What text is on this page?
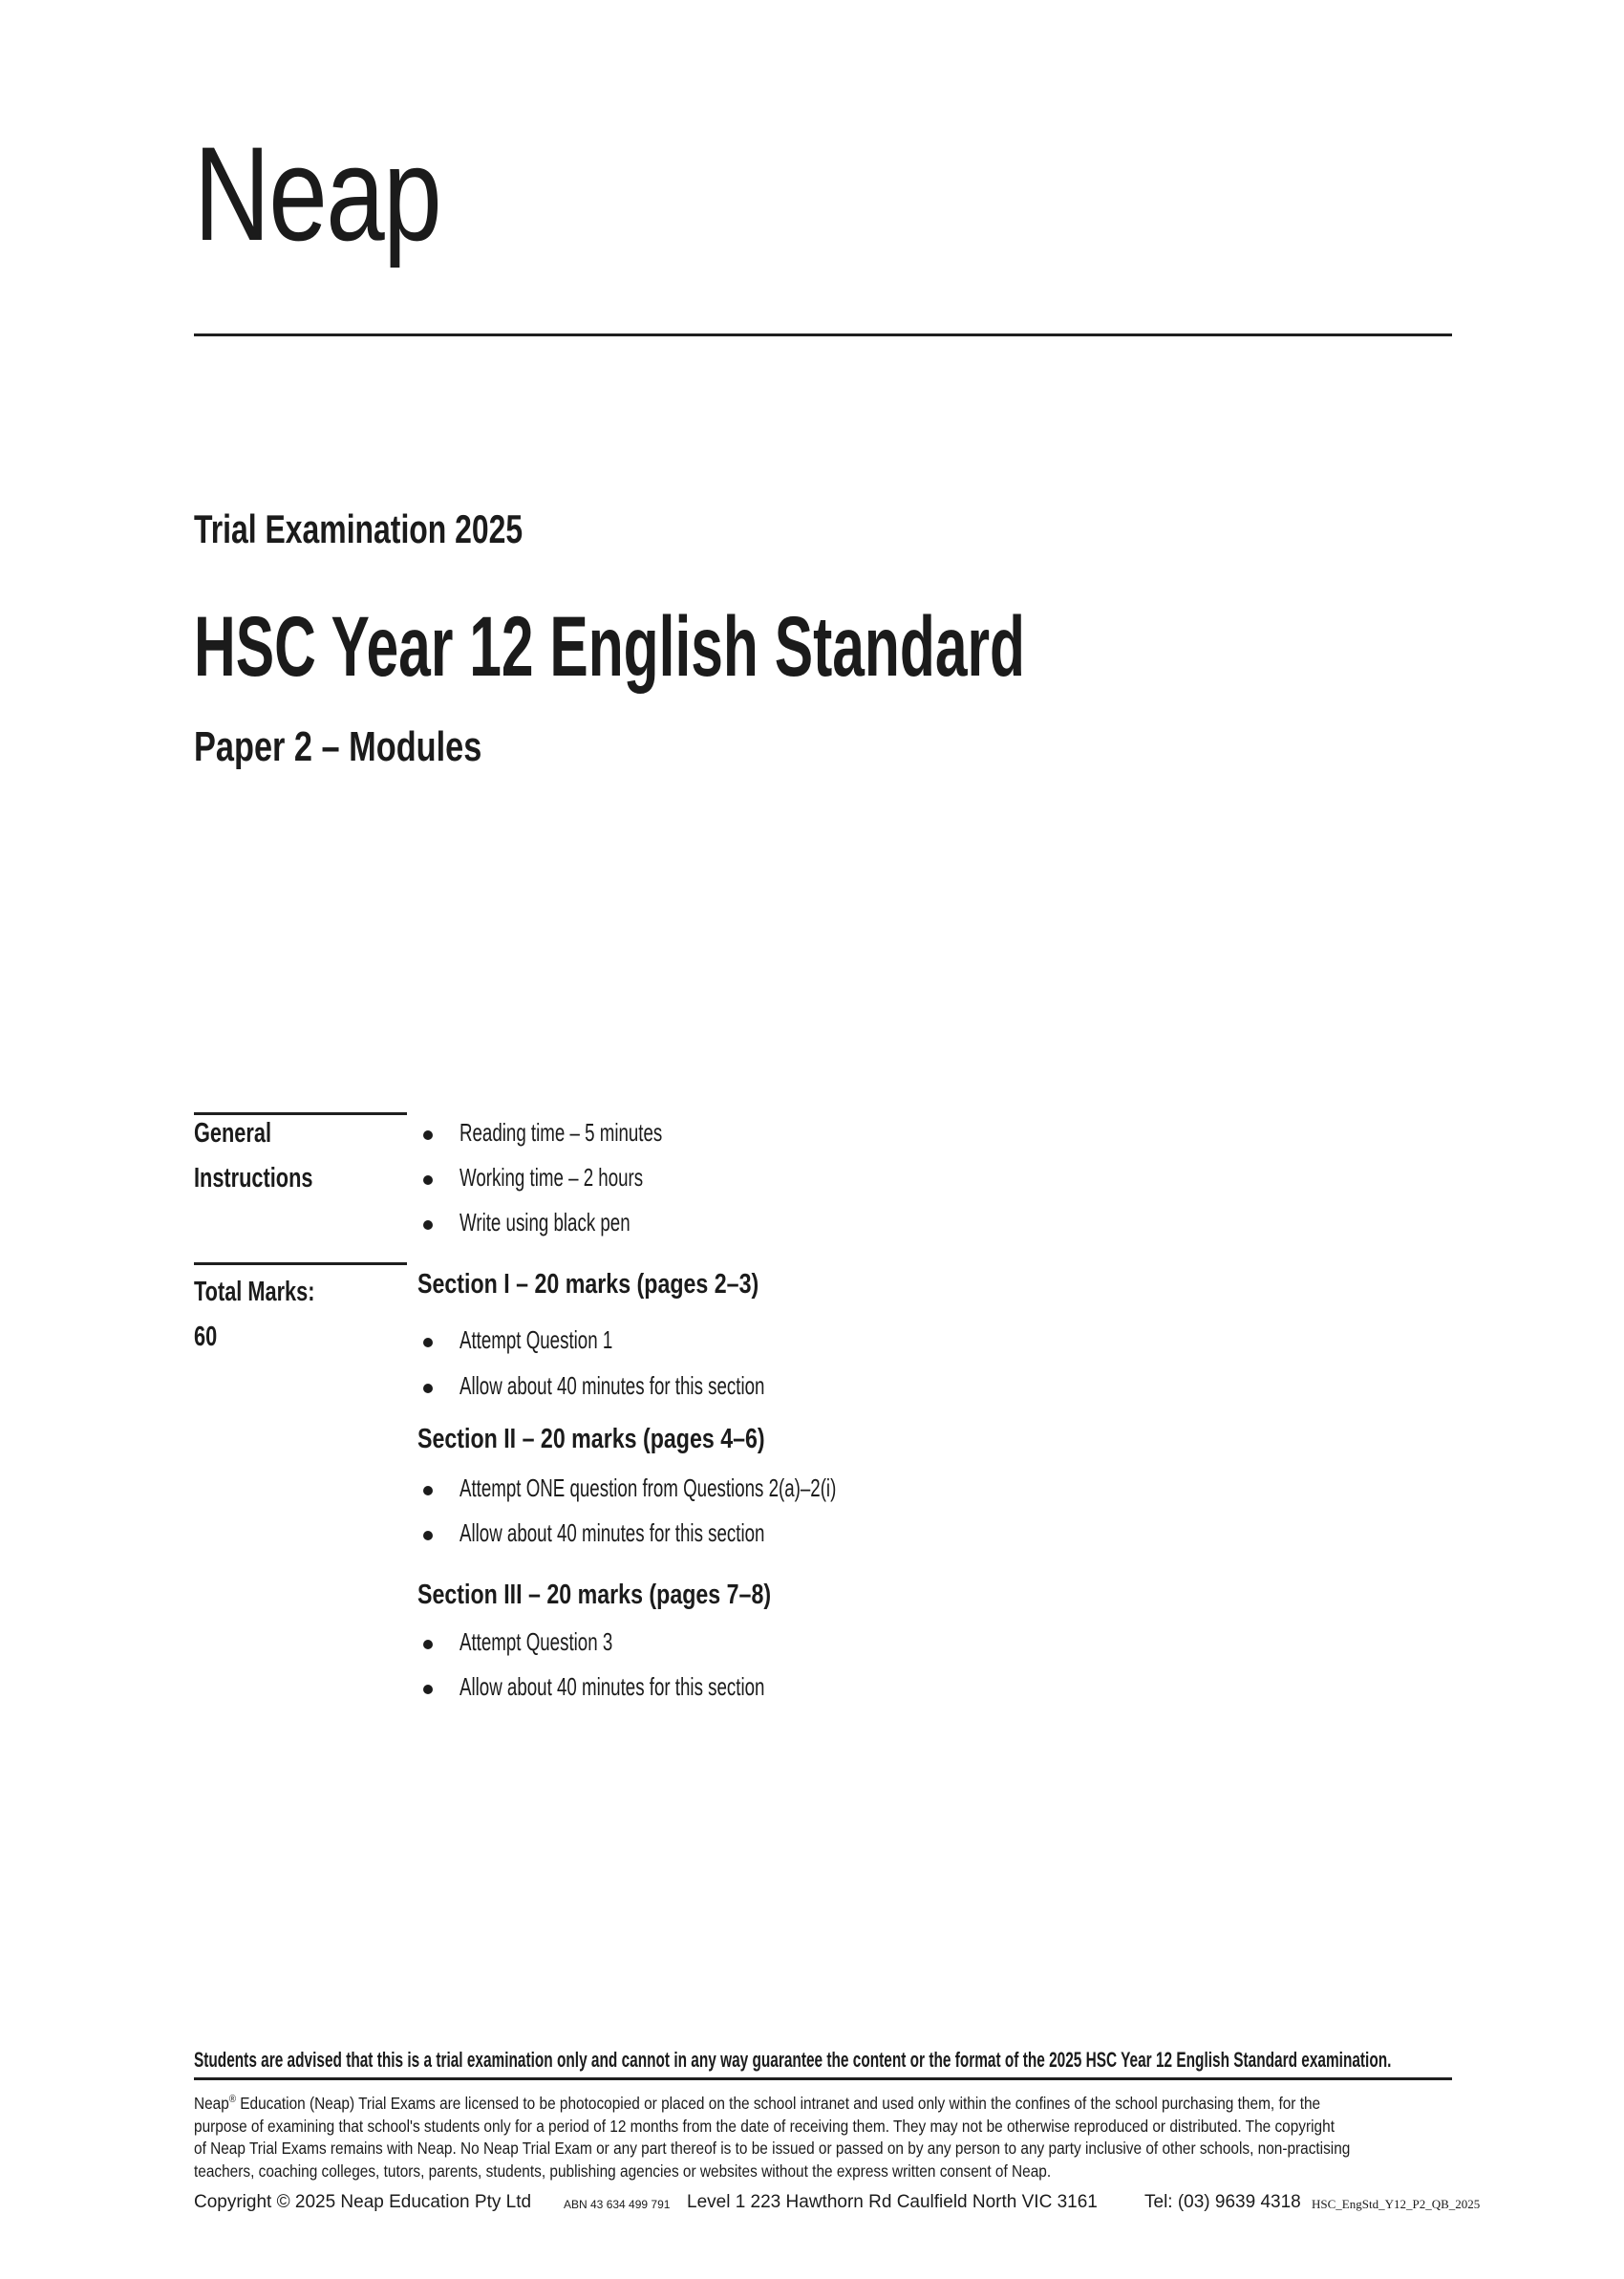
Neap
Trial Examination 2025
HSC Year 12 English Standard
Paper 2 – Modules
General
Instructions
Reading time – 5 minutes
Working time – 2 hours
Write using black pen
Total Marks:
60
Section I – 20 marks (pages 2–3)
Attempt Question 1
Allow about 40 minutes for this section
Section II – 20 marks (pages 4–6)
Attempt ONE question from Questions 2(a)–2(i)
Allow about 40 minutes for this section
Section III – 20 marks (pages 7–8)
Attempt Question 3
Allow about 40 minutes for this section
Students are advised that this is a trial examination only and cannot in any way guarantee the content or the format of the 2025 HSC Year 12 English Standard examination.
Neap® Education (Neap) Trial Exams are licensed to be photocopied or placed on the school intranet and used only within the confines of the school purchasing them, for the
purpose of examining that school's students only for a period of 12 months from the date of receiving them. They may not be otherwise reproduced or distributed. The copyright
of Neap Trial Exams remains with Neap. No Neap Trial Exam or any part thereof is to be issued or passed on by any person to any party inclusive of other schools, non-practising
teachers, coaching colleges, tutors, parents, students, publishing agencies or websites without the express written consent of Neap.
Copyright © 2025 Neap Education Pty Ltd	ABN 43 634 499 791 Level 1 223 Hawthorn Rd Caulfield North VIC 3161	Tel: (03) 9639 4318 HSC_EngStd_Y12_P2_QB_2025
